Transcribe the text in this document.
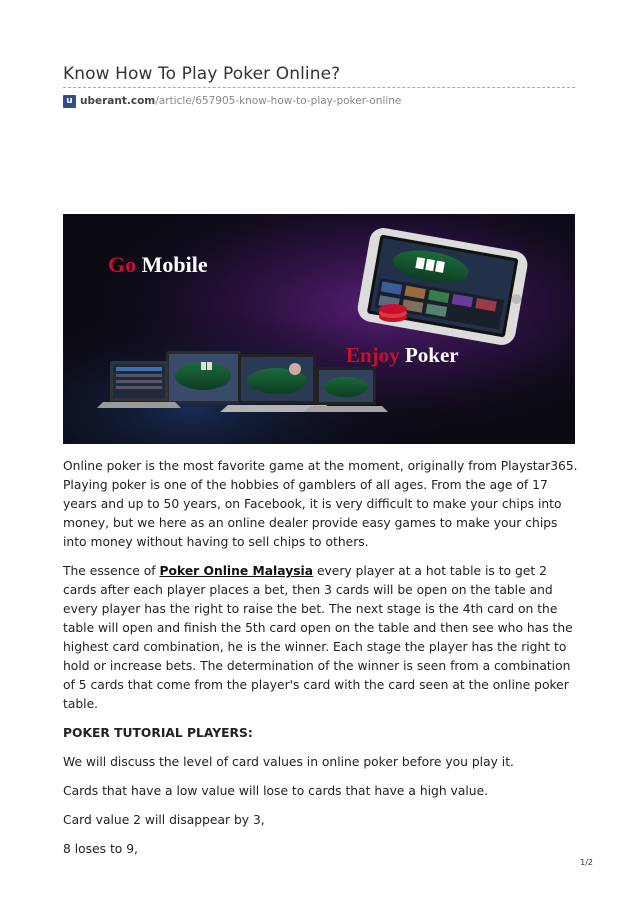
Know How To Play Poker Online?
u uberant.com /article/657905-know-how-to-play-poker-online
Go Mobile
Enjoy Poker

Online poker is the most favorite game at the moment, originally from Playstar365. Playing poker is one of the hobbies of gamblers of all ages. From the age of 17 years and up to 50 years, on Facebook, it is very difficult to make your chips into money, but we here as an online dealer provide easy games to make your chips into money without having to sell chips to others.

The essence of Poker Online Malaysia every player at a hot table is to get 2 cards after each player places a bet, then 3 cards will be open on the table and every player has the right to raise the bet. The next stage is the 4th card on the table will open and finish the 5th card open on the table and then see who has the highest card combination, he is the winner. Each stage the player has the right to hold or increase bets. The determination of the winner is seen from a combination of 5 cards that come from the player's card with the card seen at the online poker table.

POKER TUTORIAL PLAYERS:

We will discuss the level of card values in online poker before you play it.

Cards that have a low value will lose to cards that have a high value.

Card value 2 will disappear by 3,

8 loses to 9,

1/2
